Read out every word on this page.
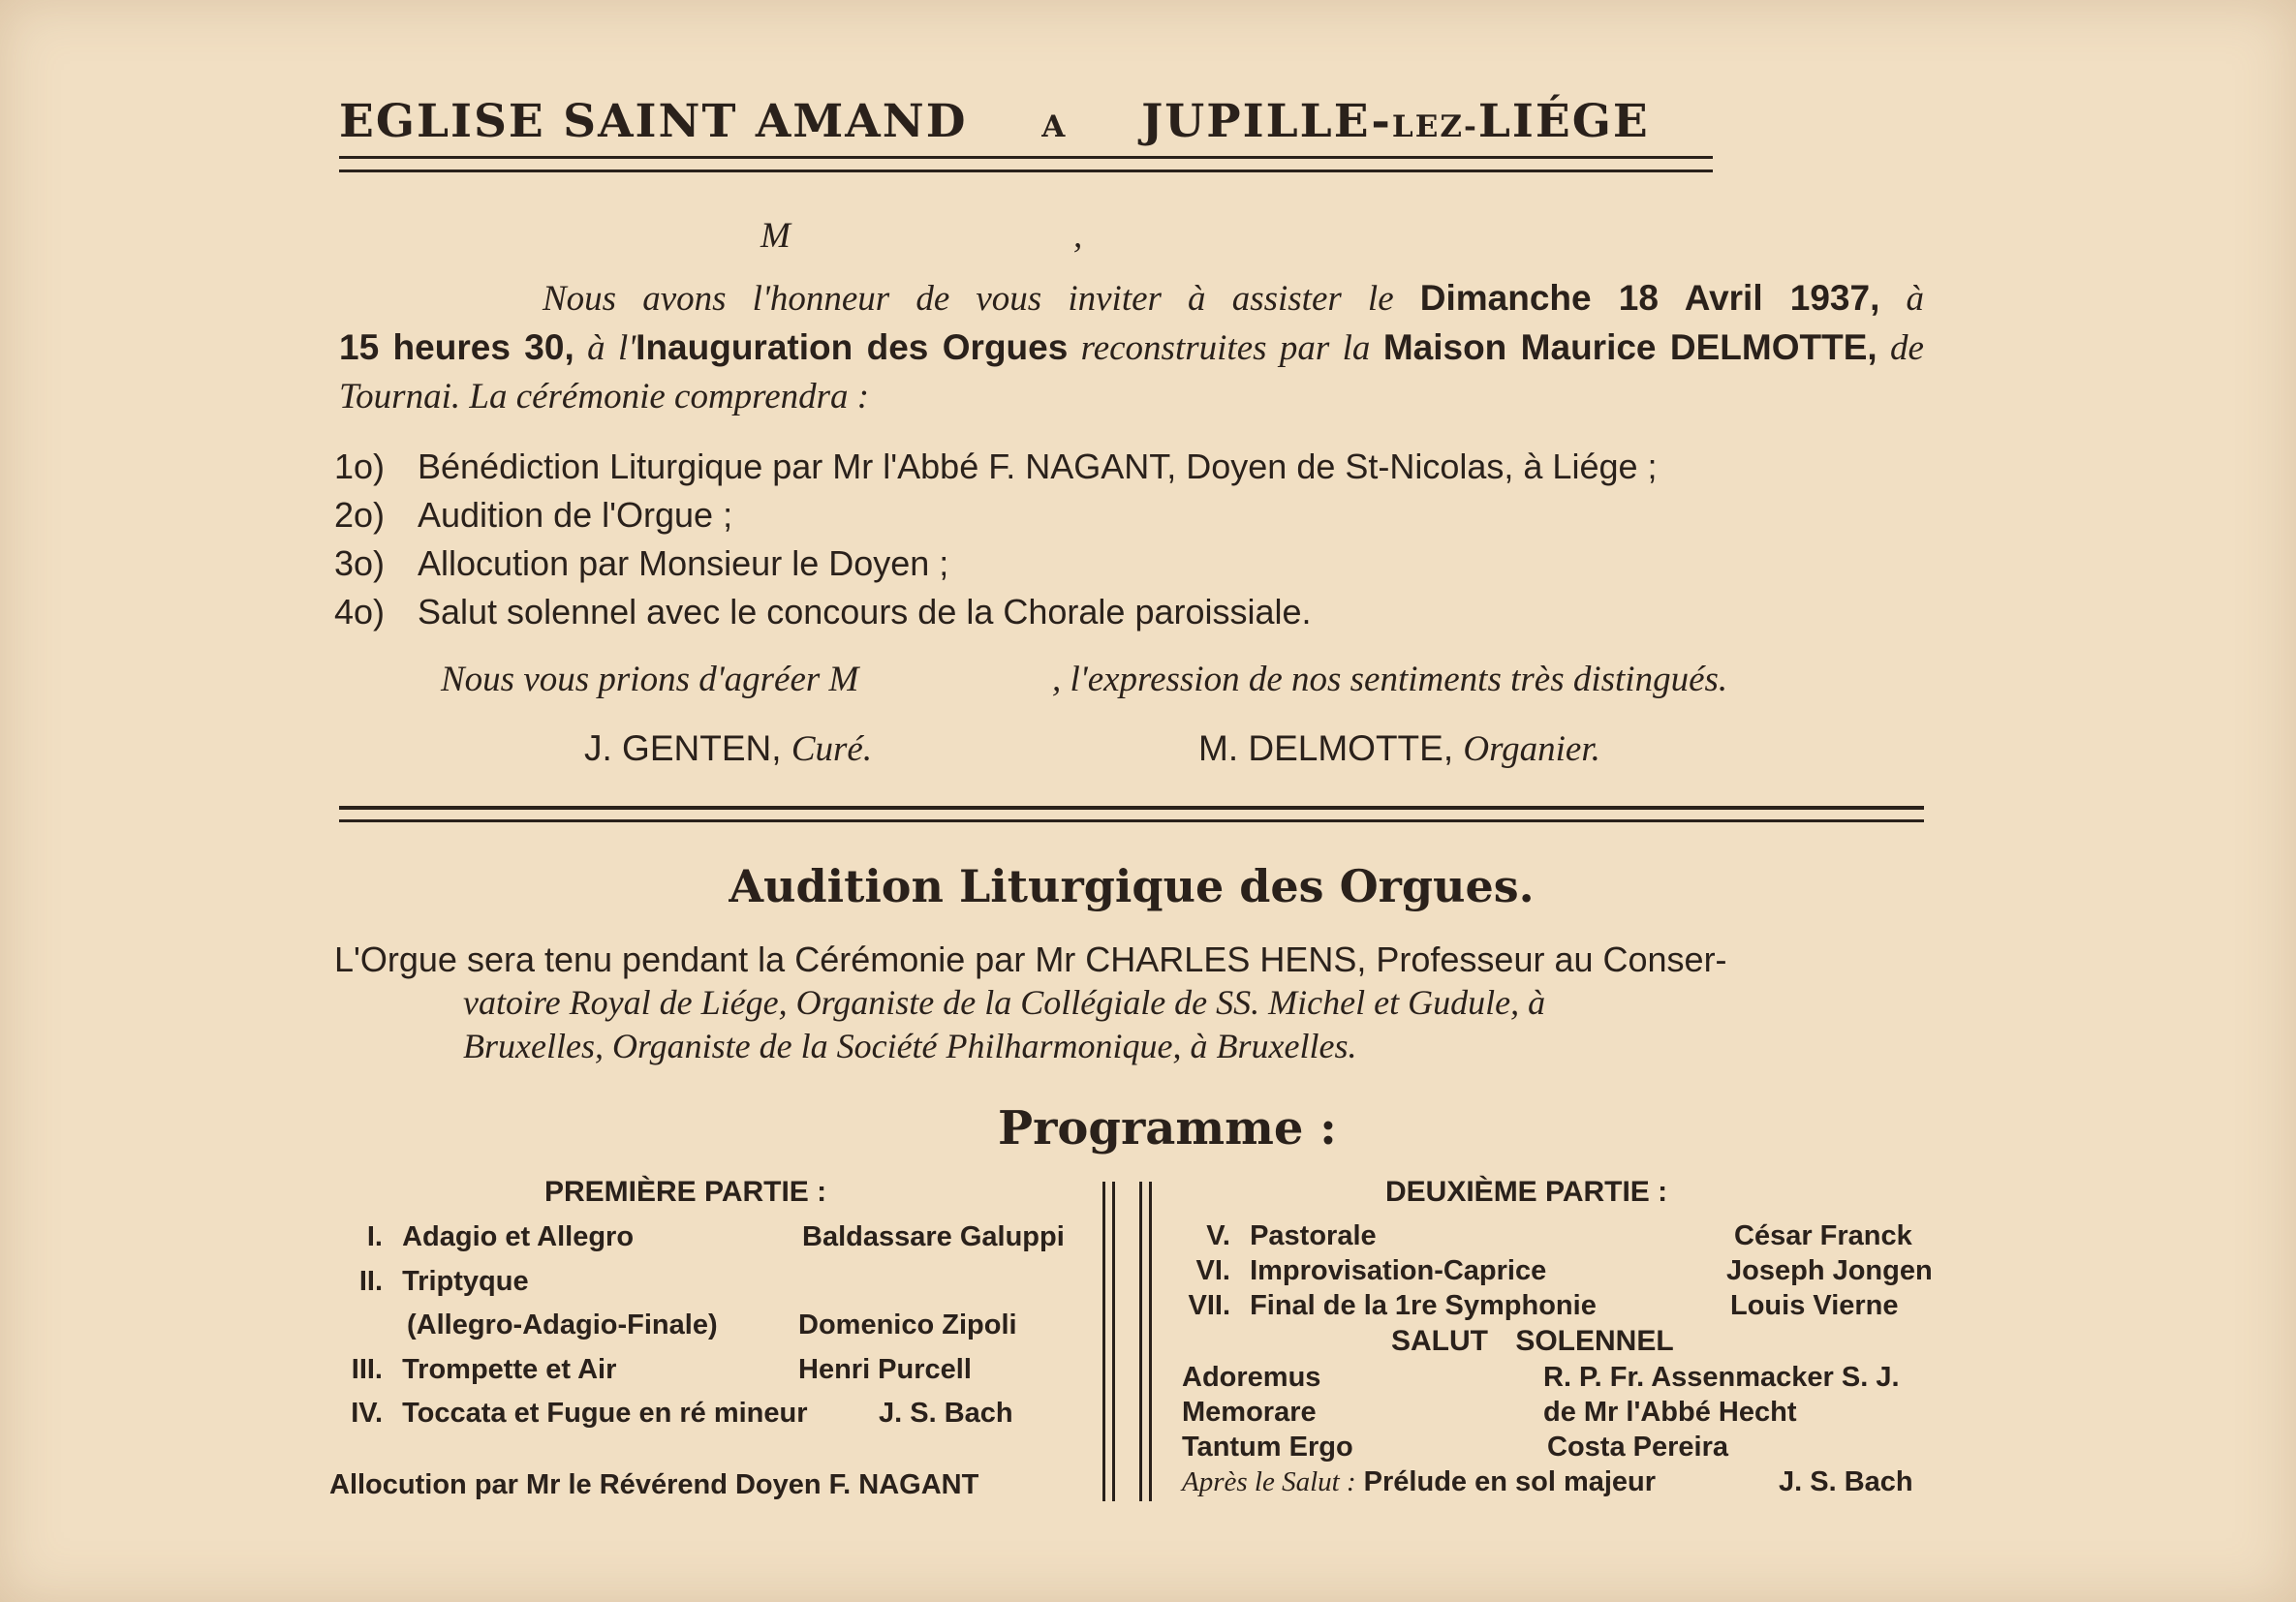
EGLISE SAINT AMAND A JUPILLE-LEZ-LIÉGE
M	,
Nous avons l'honneur de vous inviter à assister le Dimanche 18 Avril 1937, à
15 heures 30, à l'Inauguration des Orgues reconstruites par la Maison Maurice DELMOTTE, de
Tournai. La cérémonie comprendra :
1o) Bénédiction Liturgique par Mr l'Abbé F. NAGANT, Doyen de St-Nicolas, à Liége ;
2o) Audition de l'Orgue ;
3o) Allocution par Monsieur le Doyen ;
4o) Salut solennel avec le concours de la Chorale paroissiale.
Nous vous prions d'agréer M	, l'expression de nos sentiments très distingués.
J. GENTEN, Curé.	M. DELMOTTE, Organier.
Audition Liturgique des Orgues.
L'Orgue sera tenu pendant la Cérémonie par Mr CHARLES HENS, Professeur au Conser-
vatoire Royal de Liége, Organiste de la Collégiale de SS. Michel et Gudule, à
Bruxelles, Organiste de la Société Philharmonique, à Bruxelles.
Programme :
PREMIÈRE PARTIE :
I. Adagio et Allegro	Baldassare Galuppi
II. Triptyque
(Allegro-Adagio-Finale)	Domenico Zipoli
III. Trompette et Air	Henri Purcell
IV. Toccata et Fugue en ré mineur	J. S. Bach
Allocution par Mr le Révérend Doyen F. NAGANT
DEUXIÈME PARTIE :
V. Pastorale	César Franck
VI. Improvisation-Caprice	Joseph Jongen
VII. Final de la 1re Symphonie	Louis Vierne
SALUT SOLENNEL
Adoremus	R. P. Fr. Assenmacker S. J.
Memorare	de Mr l'Abbé Hecht
Tantum Ergo	Costa Pereira
Après le Salut : Prélude en sol majeur	J. S. Bach
